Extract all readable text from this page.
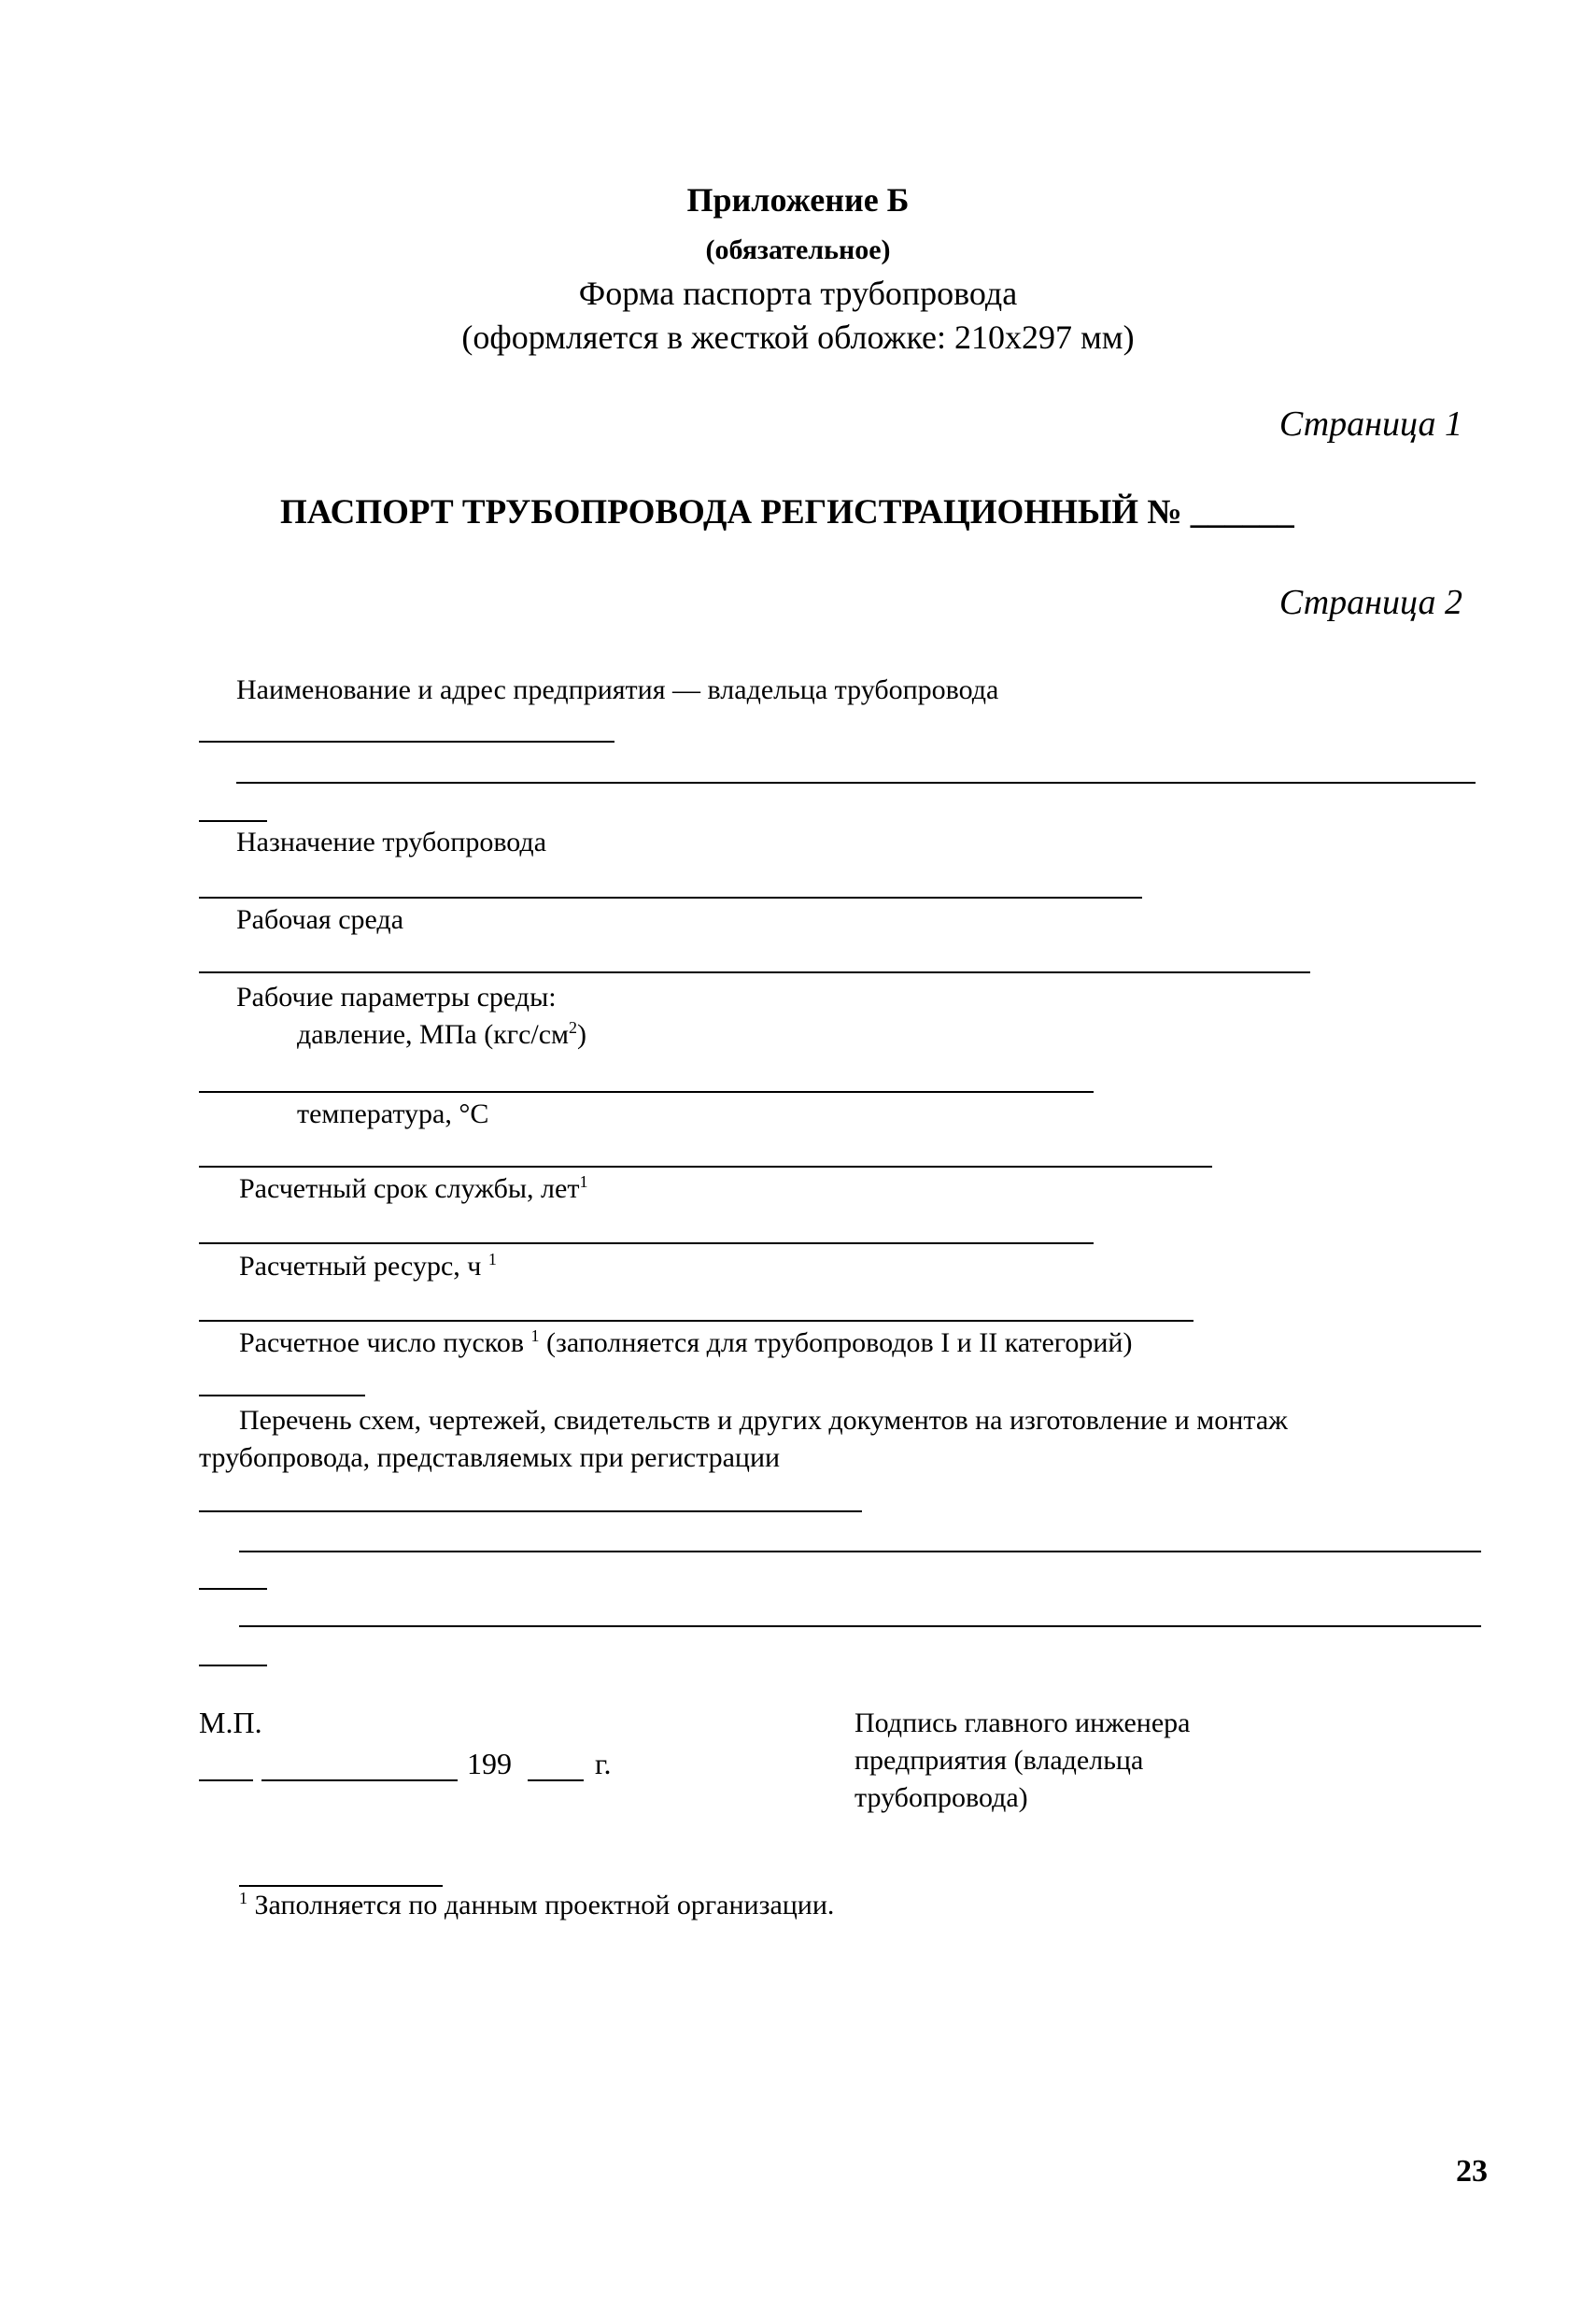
Приложение Б
(обязательное)
Форма паспорта трубопровода
(оформляется в жесткой обложке: 210х297 мм)
Страница 1
ПАСПОРТ ТРУБОПРОВОДА РЕГИСТРАЦИОННЫЙ № ______
Страница 2
Наименование и адрес предприятия — владельца трубопровода
Назначение трубопровода
Рабочая среда
Рабочие параметры среды:
давление, МПа $(кгс/см^2)$
температура, °С
Расчетный срок службы, лет$^1$
Расчетный ресурс, ч $^1$
Расчетное число пусков $^1$ (заполняется для трубопроводов I и II категорий)
Перечень схем, чертежей, свидетельств и других документов на изготовление и монтаж
трубопровода, представляемых при регистрации
М.П.
199	г.
Подпись главного инженера
предприятия (владельца
трубопровода)
$^1$ Заполняется по данным проектной организации.
23
